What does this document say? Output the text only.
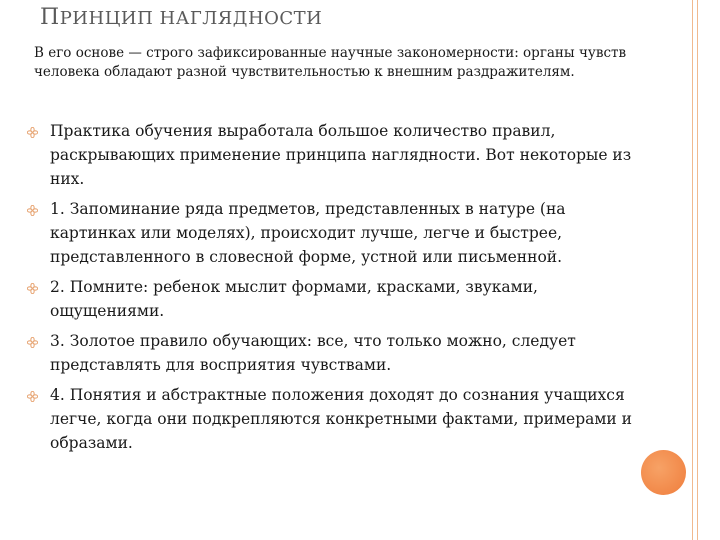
ПРИНЦИП НАГЛЯДНОСТИ
В его основе — строго зафиксированные научные закономерности: органы чувств человека обладают разной чувствительностью к внешним раздражителям.
Практика обучения выработала большое количество правил, раскрывающих применение принципа наглядности. Вот некоторые из них.
1. Запоминание ряда предметов, представленных в натуре (на картинках или моделях), происходит лучше, легче и быстрее, представленного в словесной форме, устной или письменной.
2. Помните: ребенок мыслит формами, красками, звуками, ощущениями.
3. Золотое правило обучающих: все, что только можно, следует представлять для восприятия чувствами.
4. Понятия и абстрактные положения доходят до сознания учащихся легче, когда они подкрепляются конкретными фактами, примерами и образами.
